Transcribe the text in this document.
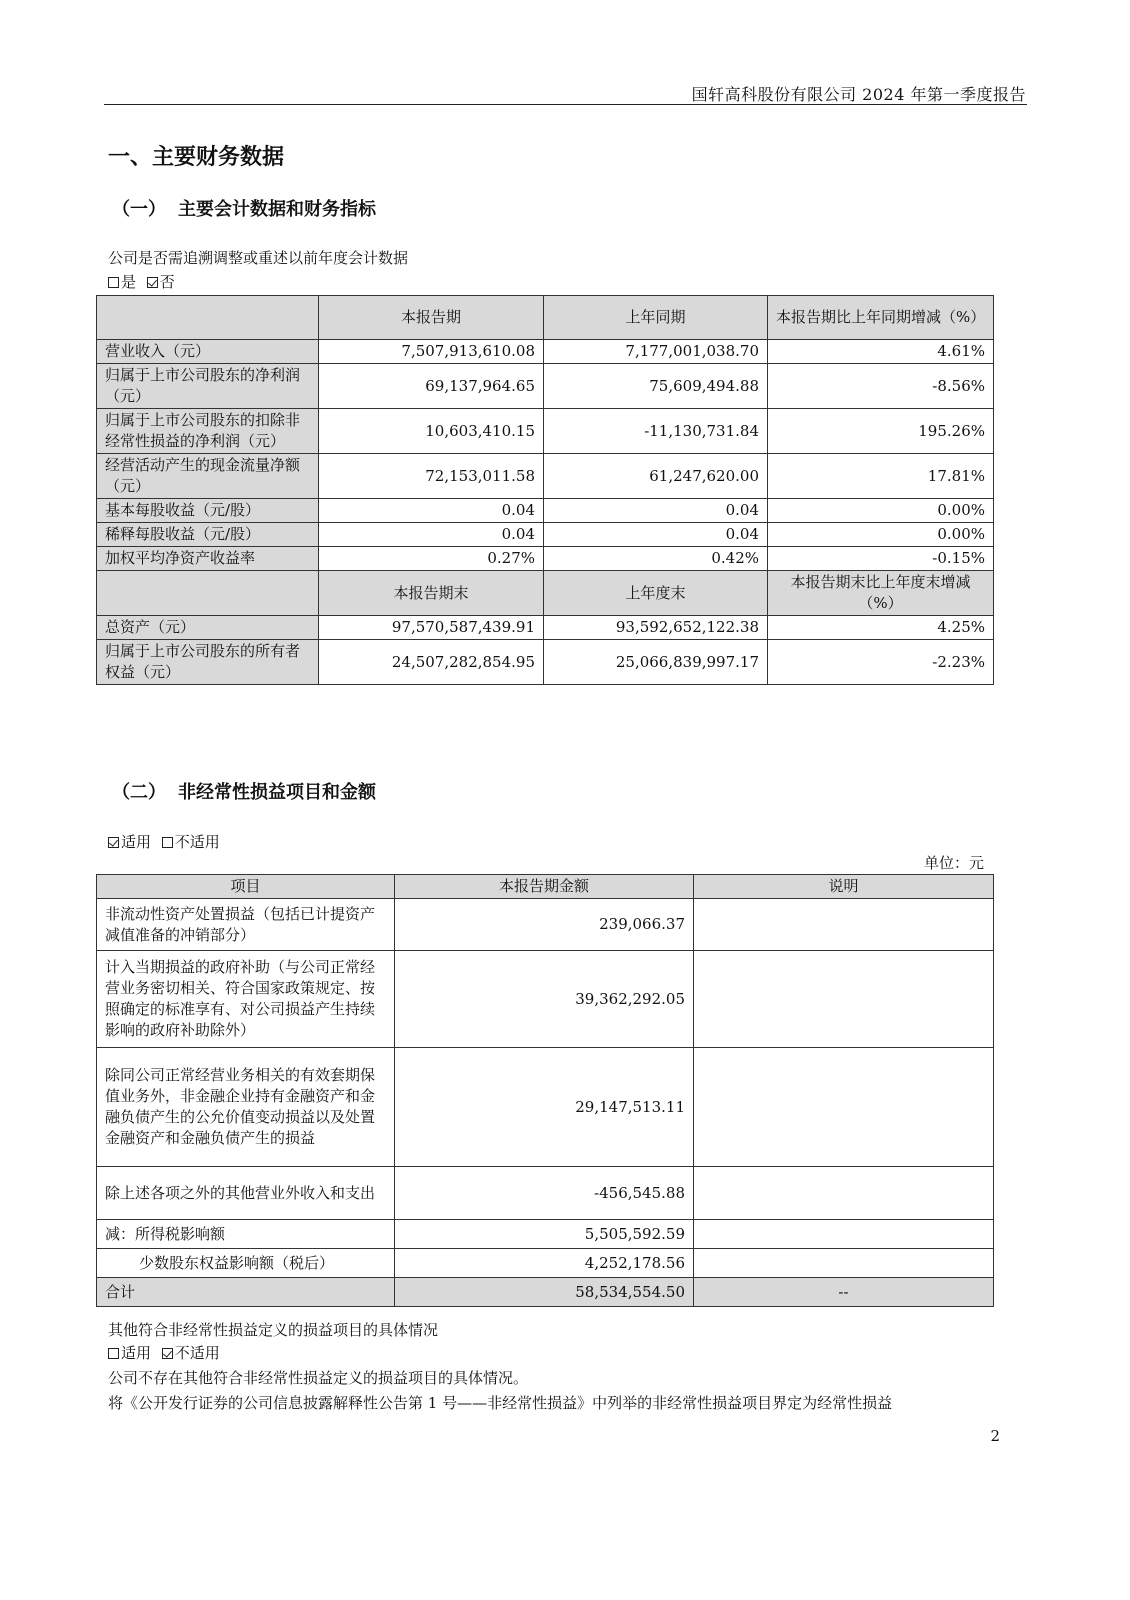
国轩高科股份有限公司 2024 年第一季度报告
一、主要财务数据
（一） 主要会计数据和财务指标
公司是否需追溯调整或重述以前年度会计数据
是 否
	本报告期	上年同期	本报告期比上年同期增减（%）
营业收入（元）	7,507,913,610.08	7,177,001,038.70	4.61%
归属于上市公司股东的净利润（元）	69,137,964.65	75,609,494.88	-8.56%
归属于上市公司股东的扣除非经常性损益的净利润（元）	10,603,410.15	-11,130,731.84	195.26%
经营活动产生的现金流量净额（元）	72,153,011.58	61,247,620.00	17.81%
基本每股收益（元/股）	0.04	0.04	0.00%
稀释每股收益（元/股）	0.04	0.04	0.00%
加权平均净资产收益率	0.27%	0.42%	-0.15%
	本报告期末	上年度末	本报告期末比上年度末增减（%）
总资产（元）	97,570,587,439.91	93,592,652,122.38	4.25%
归属于上市公司股东的所有者权益（元）	24,507,282,854.95	25,066,839,997.17	-2.23%
（二） 非经常性损益项目和金额
适用 不适用
单位：元
项目	本报告期金额	说明
非流动性资产处置损益（包括已计提资产减值准备的冲销部分）	239,066.37	
计入当期损益的政府补助（与公司正常经营业务密切相关、符合国家政策规定、按照确定的标准享有、对公司损益产生持续影响的政府补助除外）	39,362,292.05	
除同公司正常经营业务相关的有效套期保值业务外，非金融企业持有金融资产和金融负债产生的公允价值变动损益以及处置金融资产和金融负债产生的损益	29,147,513.11	
除上述各项之外的其他营业外收入和支出	-456,545.88	
减：所得税影响额	5,505,592.59	
少数股东权益影响额（税后）	4,252,178.56	
合计	58,534,554.50	--
其他符合非经常性损益定义的损益项目的具体情况
适用 不适用
公司不存在其他符合非经常性损益定义的损益项目的具体情况。
将《公开发行证券的公司信息披露解释性公告第 1 号——非经常性损益》中列举的非经常性损益项目界定为经常性损益
2
